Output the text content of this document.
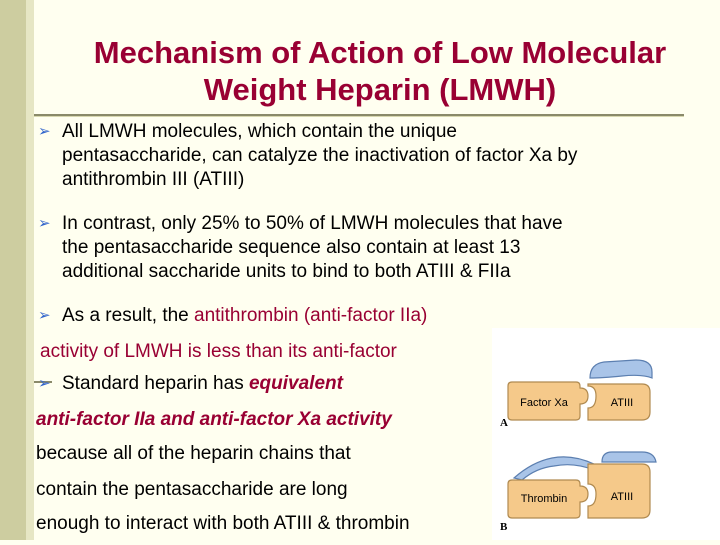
Mechanism of Action of Low Molecular
Weight Heparin (LMWH)
➢ All LMWH molecules, which contain the unique
pentasaccharide, can catalyze the inactivation of factor Xa by
antithrombin III (ATIII)
➢ In contrast, only 25% to 50% of LMWH molecules that have
the pentasaccharide sequence also contain at least 13
additional saccharide units to bind to both ATIII & FIIa
➢ As a result, the antithrombin (anti-factor IIa)
activity of LMWH is less than its anti-factor
➢ Standard heparin has equivalent
anti-factor IIa and anti-factor Xa activity
because all of the heparin chains that
contain the pentasaccharide are long
enough to interact with both ATIII & thrombin
Factor Xa	ATIII
A
Thrombin	ATIII
B
